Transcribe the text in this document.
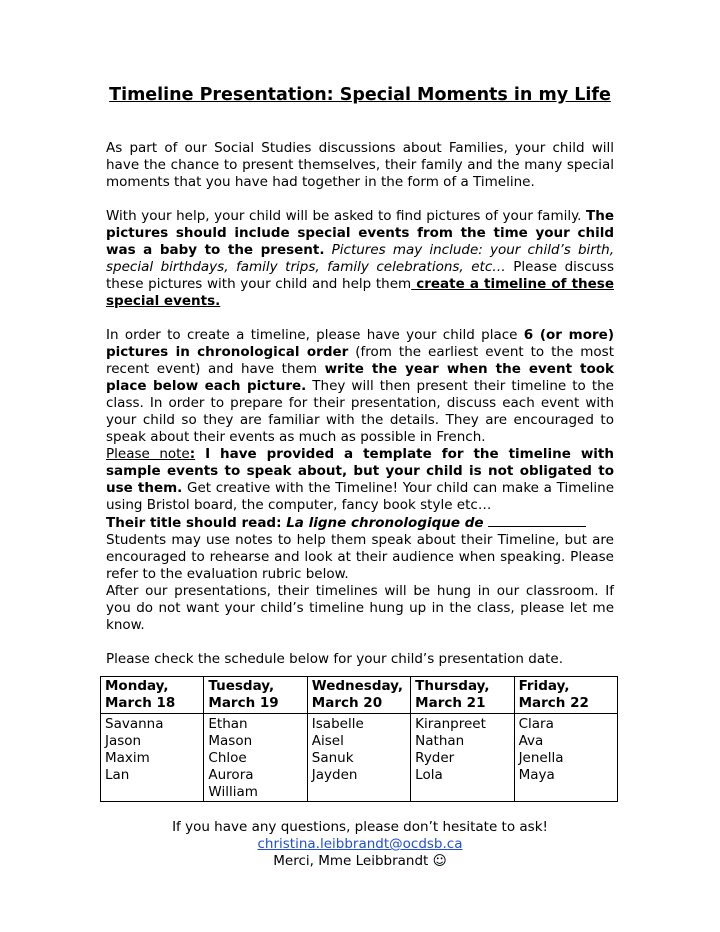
Timeline Presentation: Special Moments in my Life

As part of our Social Studies discussions about Families, your child will have the chance to present themselves, their family and the many special moments that you have had together in the form of a Timeline.

With your help, your child will be asked to find pictures of your family. The pictures should include special events from the time your child was a baby to the present. Pictures may include: your child’s birth, special birthdays, family trips, family celebrations, etc… Please discuss these pictures with your child and help them create a timeline of these special events.

In order to create a timeline, please have your child place 6 (or more) pictures in chronological order (from the earliest event to the most recent event) and have them write the year when the event took place below each picture. They will then present their timeline to the class. In order to prepare for their presentation, discuss each event with your child so they are familiar with the details. They are encouraged to speak about their events as much as possible in French.

Please note: I have provided a template for the timeline with sample events to speak about, but your child is not obligated to use them. Get creative with the Timeline! Your child can make a Timeline using Bristol board, the computer, fancy book style etc…

Their title should read: La ligne chronologique de

Students may use notes to help them speak about their Timeline, but are encouraged to rehearse and look at their audience when speaking. Please refer to the evaluation rubric below.

After our presentations, their timelines will be hung in our classroom. If you do not want your child’s timeline hung up in the class, please let me know.

Please check the schedule below for your child’s presentation date.

Monday,
March 18	Tuesday,
March 19	Wednesday,
March 20	Thursday,
March 21	Friday,
March 22

Savanna
Jason
Maxim
Lan	Ethan
Mason
Chloe
Aurora
William	Isabelle
Aisel
Sanuk
Jayden	Kiranpreet
Nathan
Ryder
Lola	Clara
Ava
Jenella
Maya
If you have any questions, please don’t hesitate to ask!
christina.leibbrandt@ocdsb.ca
Merci, Mme Leibbrandt ☺
